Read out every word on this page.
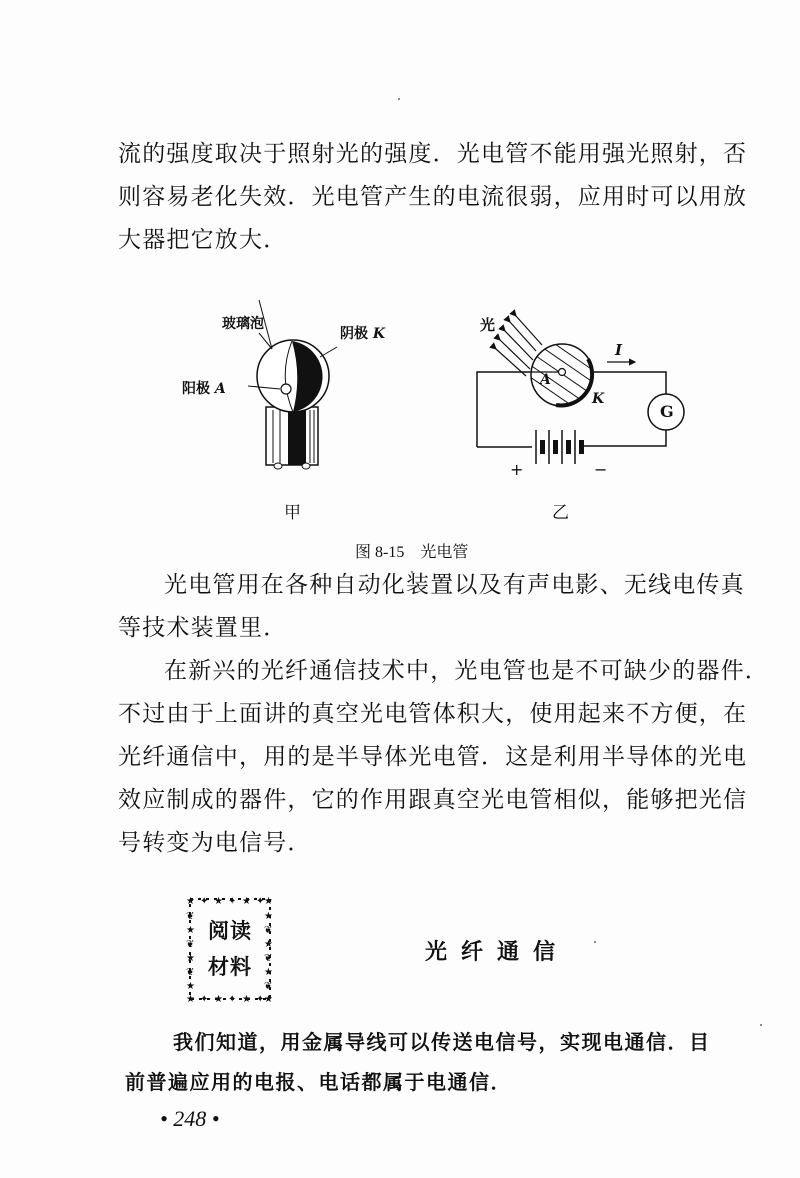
流的强度取决于照射光的强度．光电管不能用强光照射，否
则容易老化失效．光电管产生的电流很弱，应用时可以用放
大器把它放大．

玻璃泡
阴极 K
阳极 A
甲
光
I
A
K
G
+	−
乙
图 8-15 光电管

光电管用在各种自动化装置以及有声电影、无线电传真
等技术装置里．

在新兴的光纤通信技术中，光电管也是不可缺少的器件．
不过由于上面讲的真空光电管体积大，使用起来不方便，在
光纤通信中，用的是半导体光电管．这是利用半导体的光电
效应制成的器件，它的作用跟真空光电管相似，能够把光信
号转变为电信号．

★ ✦ ★ ✦ ★ ✦ ★
★ ✦ ★ ✦ ★ ✦ ★
❦
★
❦
★
❦
★
★
❦
★
❦
★
❦
阅读
材料
光纤通信
我们知道，用金属导线可以传送电信号，实现电通信．目
前普遍应用的电报、电话都属于电通信．
• 248 •
